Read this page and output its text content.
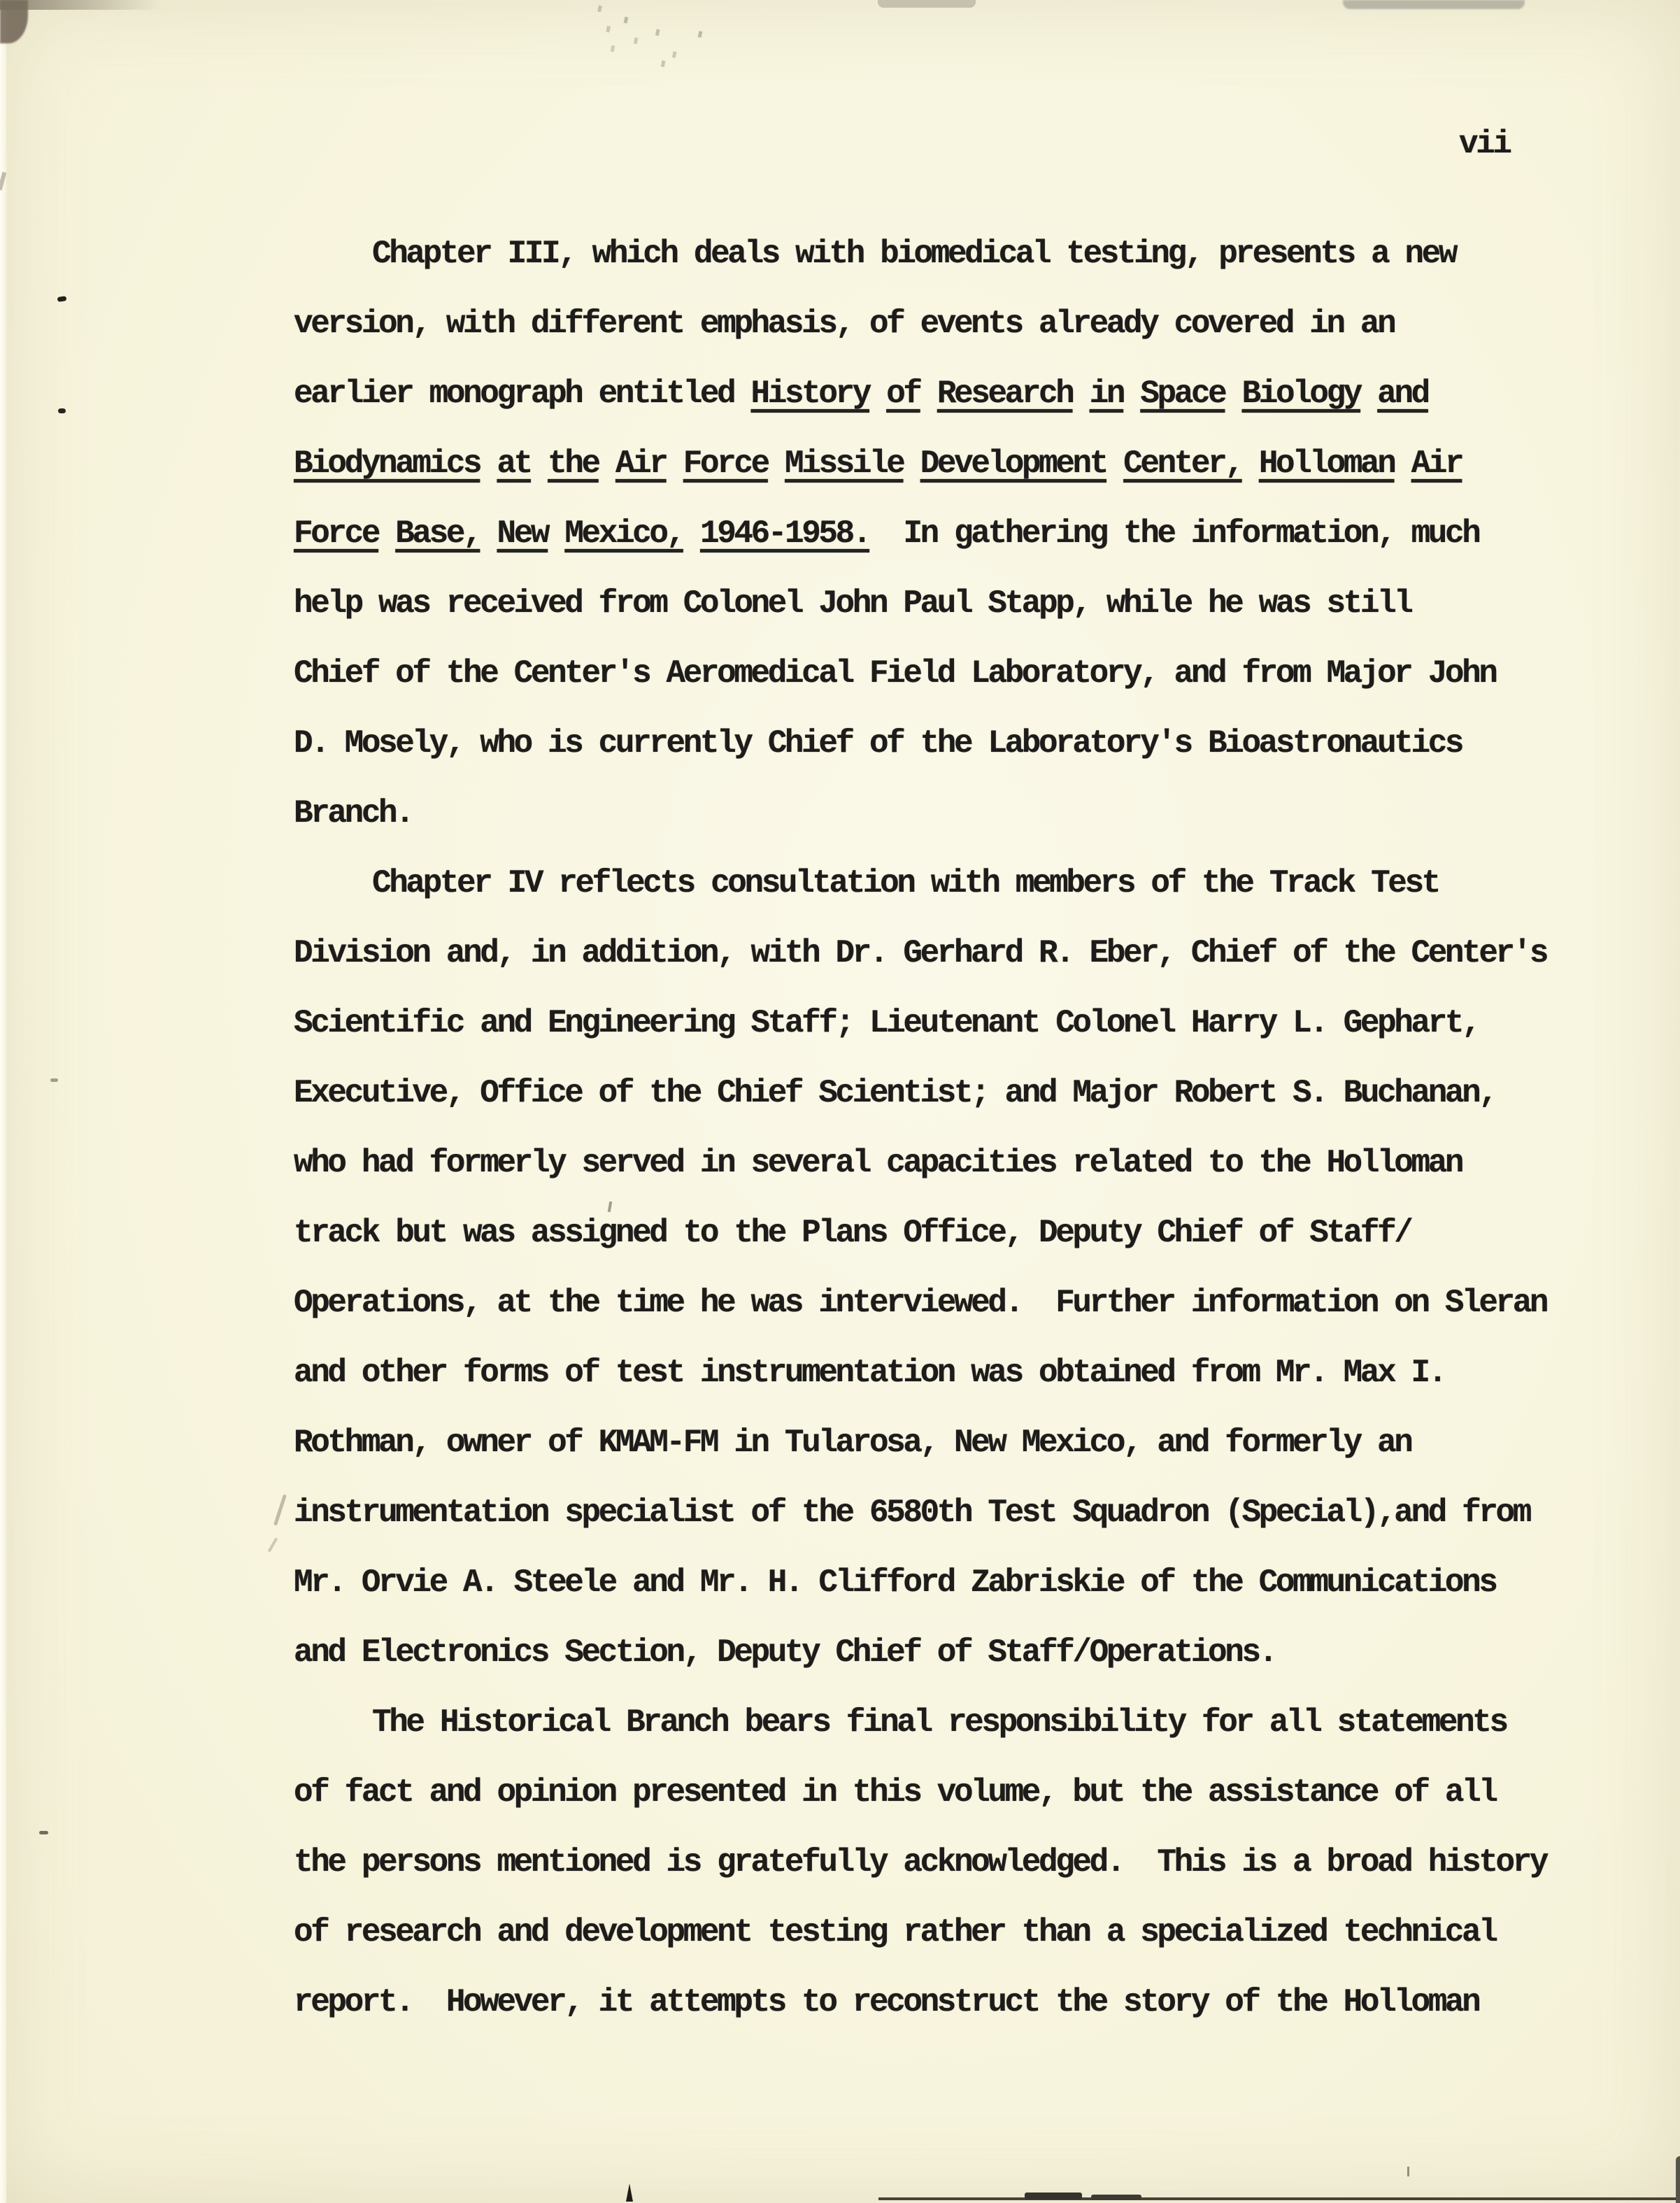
vii
Chapter III, which deals with biomedical testing, presents a new
version, with different emphasis, of events already covered in an
earlier monograph entitled History of Research in Space Biology and
Biodynamics at the Air Force Missile Development Center, Holloman Air
Force Base, New Mexico, 1946-1958.  In gathering the information, much
help was received from Colonel John Paul Stapp, while he was still
Chief of the Center's Aeromedical Field Laboratory, and from Major John
D. Mosely, who is currently Chief of the Laboratory's Bioastronautics
Branch.
Chapter IV reflects consultation with members of the Track Test
Division and, in addition, with Dr. Gerhard R. Eber, Chief of the Center's
Scientific and Engineering Staff; Lieutenant Colonel Harry L. Gephart,
Executive, Office of the Chief Scientist; and Major Robert S. Buchanan,
who had formerly served in several capacities related to the Holloman
track but was assigned to the Plans Office, Deputy Chief of Staff/
Operations, at the time he was interviewed.  Further information on Sleran
and other forms of test instrumentation was obtained from Mr. Max I.
Rothman, owner of KMAM-FM in Tularosa, New Mexico, and formerly an
instrumentation specialist of the 6580th Test Squadron (Special),and from
Mr. Orvie A. Steele and Mr. H. Clifford Zabriskie of the Communications
and Electronics Section, Deputy Chief of Staff/Operations.
The Historical Branch bears final responsibility for all statements
of fact and opinion presented in this volume, but the assistance of all
the persons mentioned is gratefully acknowledged.  This is a broad history
of research and development testing rather than a specialized technical
report.  However, it attempts to reconstruct the story of the Holloman
